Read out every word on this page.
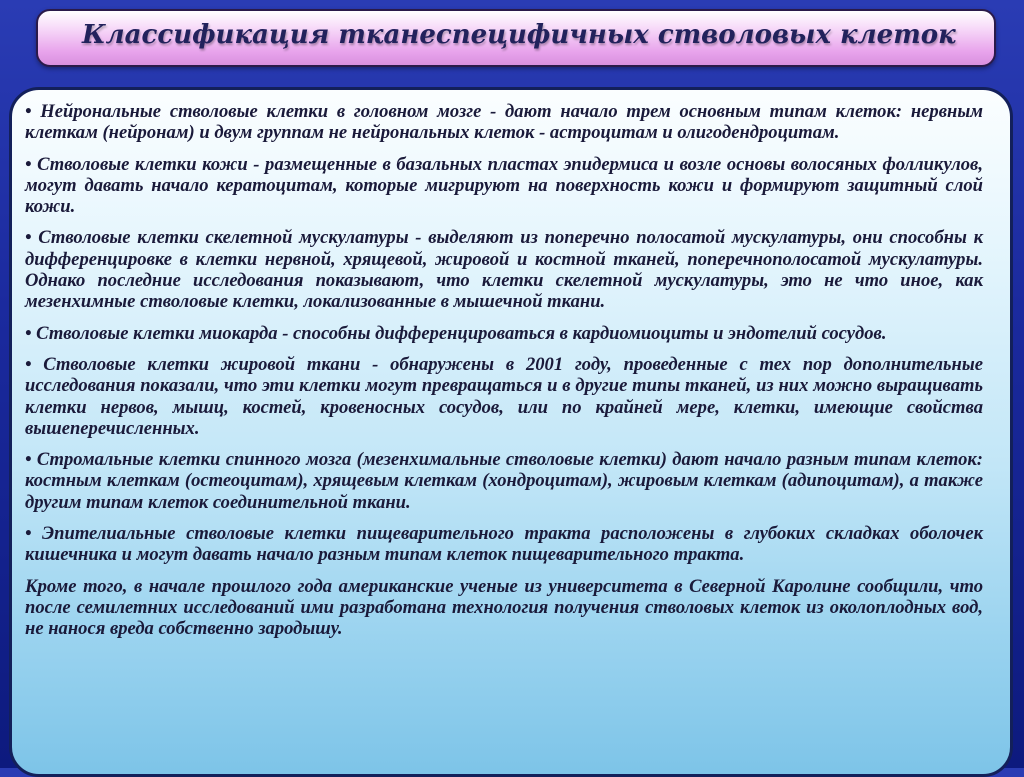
Классификация тканеспецифичных стволовых клеток

• Нейрональные стволовые клетки в головном мозге - дают начало трем основным типам клеток: нервным клеткам (нейронам) и двум группам не нейрональных клеток - астроцитам и олигодендроцитам.

• Стволовые клетки кожи - размещенные в базальных пластах эпидермиса и возле основы волосяных фолликулов, могут давать начало кератоцитам, которые мигрируют на поверхность кожи и формируют защитный слой кожи.

• Стволовые клетки скелетной мускулатуры - выделяют из поперечно полосатой мускулатуры, они способны к дифференцировке в клетки нервной, хрящевой, жировой и костной тканей, поперечнополосатой мускулатуры. Однако последние исследования показывают, что клетки скелетной мускулатуры, это не что иное, как мезенхимные стволовые клетки, локализованные в мышечной ткани.

• Стволовые клетки миокарда - способны дифференцироваться в кардиомиоциты и эндотелий сосудов.

• Стволовые клетки жировой ткани - обнаружены в 2001 году, проведенные с тех пор дополнительные исследования показали, что эти клетки могут превращаться и в другие типы тканей, из них можно выращивать клетки нервов, мышц, костей, кровеносных сосудов, или по крайней мере, клетки, имеющие свойства вышеперечисленных.

• Стромальные клетки спинного мозга (мезенхимальные стволовые клетки) дают начало разным типам клеток: костным клеткам (остеоцитам), хрящевым клеткам (хондроцитам), жировым клеткам (адипоцитам), а также другим типам клеток соединительной ткани.

• Эпителиальные стволовые клетки пищеварительного тракта расположены в глубоких складках оболочек кишечника и могут давать начало разным типам клеток пищеварительного тракта.

Кроме того, в начале прошлого года американские ученые из университета в Северной Каролине сообщили, что после семилетних исследований ими разработана технология получения стволовых клеток из околоплодных вод, не нанося вреда собственно зародышу.
